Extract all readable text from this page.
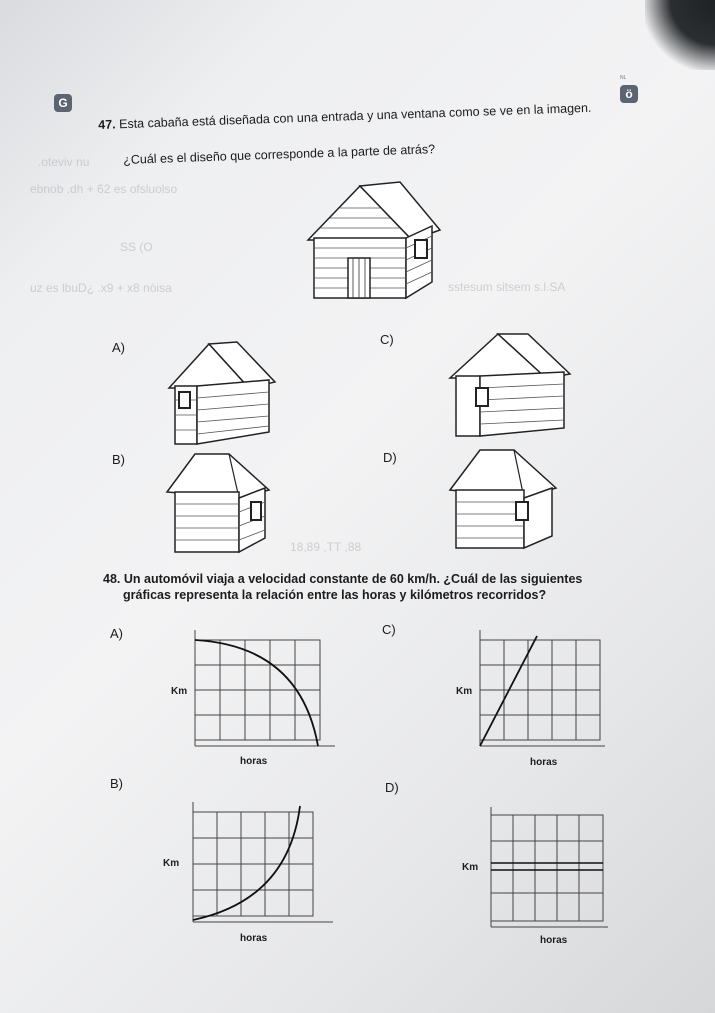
G
ö
NL
.oteviv nu
ebnob .dh + 62 es ofsluolso
uz es lbuD¿ .x9 + x8 nòisa	sstesum sitsem s.l.SA
SS (O
18,89 ,TT ,88
47. Esta cabaña está diseñada con una entrada y una ventana como se ve en la imagen.
¿Cuál es el diseño que corresponde a la parte de atrás?
A)
B)
C)
D)
48. Un automóvil viaja a velocidad constante de 60 km/h. ¿Cuál de las siguientes
gráficas representa la relación entre las horas y kilómetros recorridos?
A)
B)
C)
D)
Km
horas
Km
horas
Km
horas
Km
horas
